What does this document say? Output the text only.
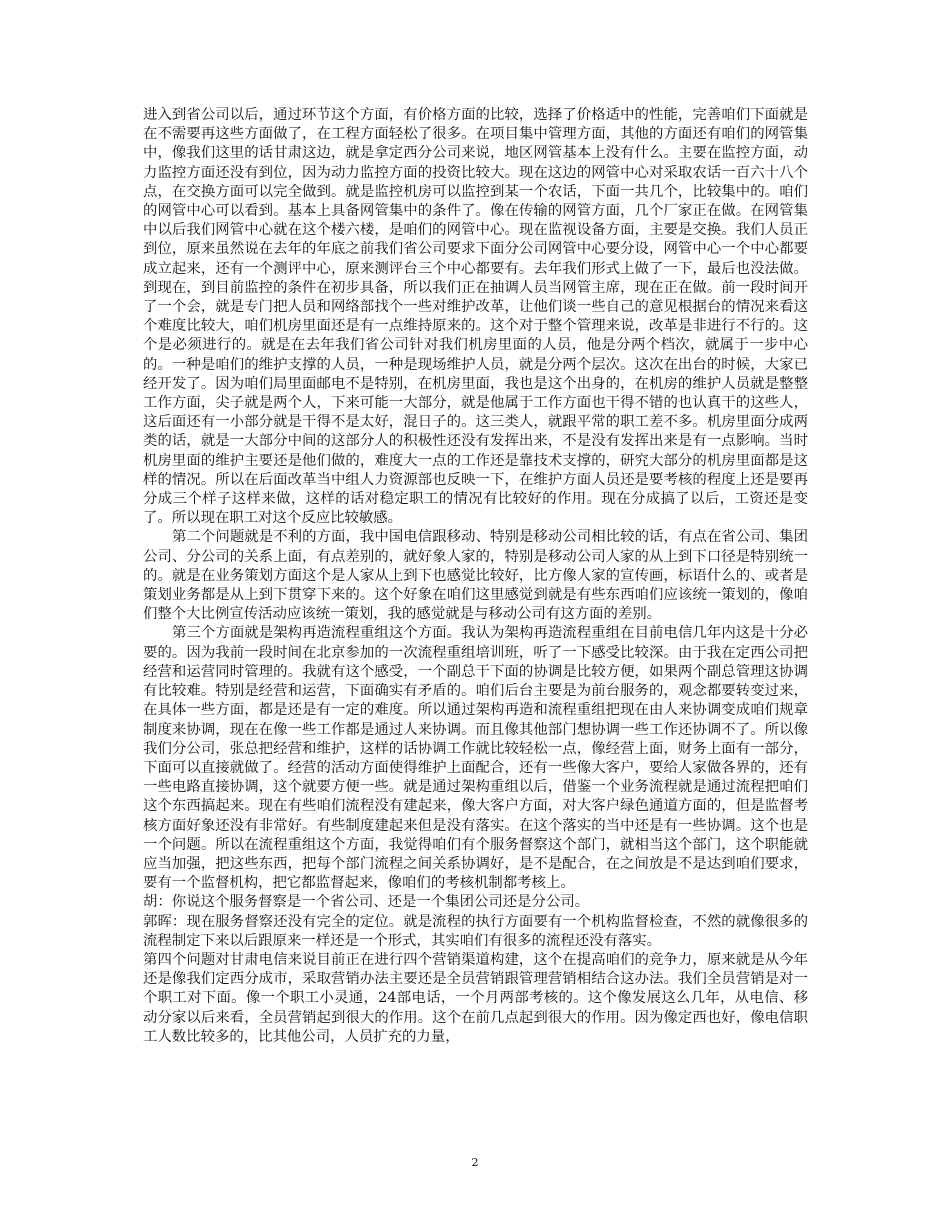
进入到省公司以后，通过环节这个方面，有价格方面的比较，选择了价格适中的性能，完善咱们下面就是在不需要再这些方面做了，在工程方面轻松了很多。在项目集中管理方面，其他的方面还有咱们的网管集中，像我们这里的话甘肃这边，就是拿定西分公司来说，地区网管基本上没有什么。主要在监控方面，动力监控方面还没有到位，因为动力监控方面的投资比较大。现在这边的网管中心对采取农话一百六十八个点，在交换方面可以完全做到。就是监控机房可以监控到某一个农话，下面一共几个，比较集中的。咱们的网管中心可以看到。基本上具备网管集中的条件了。像在传输的网管方面，几个厂家正在做。在网管集中以后我们网管中心就在这个楼六楼，是咱们的网管中心。现在监视设备方面，主要是交换。我们人员正到位，原来虽然说在去年的年底之前我们省公司要求下面分公司网管中心要分设，网管中心一个中心都要成立起来，还有一个测评中心，原来测评台三个中心都要有。去年我们形式上做了一下，最后也没法做。到现在，到目前监控的条件在初步具备，所以我们正在抽调人员当网管主席，现在正在做。前一段时间开了一个会，就是专门把人员和网络部找个一些对维护改革，让他们谈一些自己的意见根据台的情况来看这个难度比较大，咱们机房里面还是有一点维持原来的。这个对于整个管理来说，改革是非进行不行的。这个是必须进行的。就是在去年我们省公司针对我们机房里面的人员，他是分两个档次，就属于一步中心的。一种是咱们的维护支撑的人员，一种是现场维护人员，就是分两个层次。这次在出台的时候，大家已经开发了。因为咱们局里面邮电不是特别，在机房里面，我也是这个出身的，在机房的维护人员就是整整工作方面，尖子就是两个人，下来可能一大部分，就是他属于工作方面也干得不错的也认真干的这些人，这后面还有一小部分就是干得不是太好，混日子的。这三类人，就跟平常的职工差不多。机房里面分成两类的话，就是一大部分中间的这部分人的积极性还没有发挥出来，不是没有发挥出来是有一点影响。当时机房里面的维护主要还是他们做的，难度大一点的工作还是靠技术支撑的，研究大部分的机房里面都是这样的情况。所以在后面改革当中组人力资源部也反映一下，在维护方面人员还是要考核的程度上还是要再分成三个样子这样来做，这样的话对稳定职工的情况有比较好的作用。现在分成搞了以后，工资还是变了。所以现在职工对这个反应比较敏感。

第二个问题就是不利的方面，我中国电信跟移动、特别是移动公司相比较的话，有点在省公司、集团公司、分公司的关系上面，有点差别的，就好象人家的，特别是移动公司人家的从上到下口径是特别统一的。就是在业务策划方面这个是人家从上到下也感觉比较好，比方像人家的宣传画，标语什么的、或者是策划业务都是从上到下贯穿下来的。这个好象在咱们这里感觉到就是有些东西咱们应该统一策划的，像咱们整个大比例宣传活动应该统一策划，我的感觉就是与移动公司有这方面的差别。

第三个方面就是架构再造流程重组这个方面。我认为架构再造流程重组在目前电信几年内这是十分必要的。因为我前一段时间在北京参加的一次流程重组培训班，听了一下感受比较深。由于我在定西公司把经营和运营同时管理的。我就有这个感受，一个副总干下面的协调是比较方便，如果两个副总管理这协调有比较难。特别是经营和运营，下面确实有矛盾的。咱们后台主要是为前台服务的，观念都要转变过来，在具体一些方面，都是还是有一定的难度。所以通过架构再造和流程重组把现在由人来协调变成咱们规章制度来协调，现在在像一些工作都是通过人来协调。而且像其他部门想协调一些工作还协调不了。所以像我们分公司，张总把经营和维护，这样的话协调工作就比较轻松一点，像经营上面，财务上面有一部分，下面可以直接就做了。经营的活动方面使得维护上面配合，还有一些像大客户，要给人家做各界的，还有一些电路直接协调，这个就要方便一些。就是通过架构重组以后，借鉴一个业务流程就是通过流程把咱们这个东西搞起来。现在有些咱们流程没有建起来，像大客户方面，对大客户绿色通道方面的，但是监督考核方面好象还没有非常好。有些制度建起来但是没有落实。在这个落实的当中还是有一些协调。这个也是一个问题。所以在流程重组这个方面，我觉得咱们有个服务督察这个部门，就相当这个部门，这个职能就应当加强，把这些东西，把每个部门流程之间关系协调好，是不是配合，在之间放是不是达到咱们要求，要有一个监督机构，把它都监督起来，像咱们的考核机制都考核上。

胡：你说这个服务督察是一个省公司、还是一个集团公司还是分公司。

郭晖：现在服务督察还没有完全的定位。就是流程的执行方面要有一个机构监督检查，不然的就像很多的流程制定下来以后跟原来一样还是一个形式，其实咱们有很多的流程还没有落实。

第四个问题对甘肃电信来说目前正在进行四个营销渠道构建，这个在提高咱们的竞争力，原来就是从今年还是像我们定西分成市，采取营销办法主要还是全员营销跟管理营销相结合这办法。我们全员营销是对一个职工对下面。像一个职工小灵通，24部电话，一个月两部考核的。这个像发展这么几年，从电信、移动分家以后来看，全员营销起到很大的作用。这个在前几点起到很大的作用。因为像定西也好，像电信职工人数比较多的，比其他公司，人员扩充的力量，

2
